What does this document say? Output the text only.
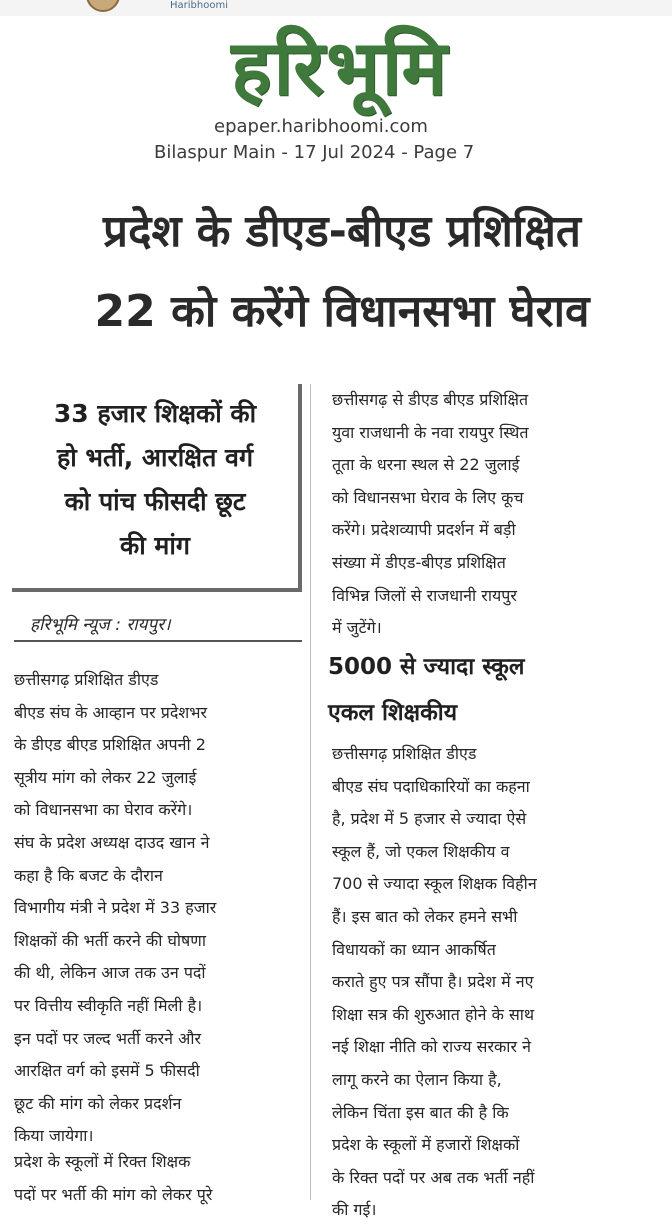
Haribhoomi
हरिभूमि
epaper.haribhoomi.com
Bilaspur Main - 17 Jul 2024 - Page 7
प्रदेश के डीएड-बीएड प्रशिक्षित
22 को करेंगे विधानसभा घेराव
33 हजार शिक्षकों की
हो भर्ती, आरक्षित वर्ग
को पांच फीसदी छूट
की मांग
हरिभूमि न्यूज : रायपुर।
छत्तीसगढ़ प्रशिक्षित डीएड
बीएड संघ के आव्हान पर प्रदेशभर
के डीएड बीएड प्रशिक्षित अपनी 2
सूत्रीय मांग को लेकर 22 जुलाई
को विधानसभा का घेराव करेंगे।
संघ के प्रदेश अध्यक्ष दाउद खान ने
कहा है कि बजट के दौरान
विभागीय मंत्री ने प्रदेश में 33 हजार
शिक्षकों की भर्ती करने की घोषणा
की थी, लेकिन आज तक उन पदों
पर वित्तीय स्वीकृति नहीं मिली है।
इन पदों पर जल्द भर्ती करने और
आरक्षित वर्ग को इसमें 5 फीसदी
छूट की मांग को लेकर प्रदर्शन
किया जायेगा।
प्रदेश के स्कूलों में रिक्त शिक्षक
पदों पर भर्ती की मांग को लेकर पूरे
छत्तीसगढ़ से डीएड बीएड प्रशिक्षित
युवा राजधानी के नवा रायपुर स्थित
तूता के धरना स्थल से 22 जुलाई
को विधानसभा घेराव के लिए कूच
करेंगे। प्रदेशव्यापी प्रदर्शन में बड़ी
संख्या में डीएड-बीएड प्रशिक्षित
विभिन्न जिलों से राजधानी रायपुर
में जुटेंगे।
5000 से ज्यादा स्कूल
एकल शिक्षकीय
छत्तीसगढ़ प्रशिक्षित डीएड
बीएड संघ पदाधिकारियों का कहना
है, प्रदेश में 5 हजार से ज्यादा ऐसे
स्कूल हैं, जो एकल शिक्षकीय व
700 से ज्यादा स्कूल शिक्षक विहीन
हैं। इस बात को लेकर हमने सभी
विधायकों का ध्यान आकर्षित
कराते हुए पत्र सौंपा है। प्रदेश में नए
शिक्षा सत्र की शुरुआत होने के साथ
नई शिक्षा नीति को राज्य सरकार ने
लागू करने का ऐलान किया है,
लेकिन चिंता इस बात की है कि
प्रदेश के स्कूलों में हजारों शिक्षकों
के रिक्त पदों पर अब तक भर्ती नहीं
की गई।
